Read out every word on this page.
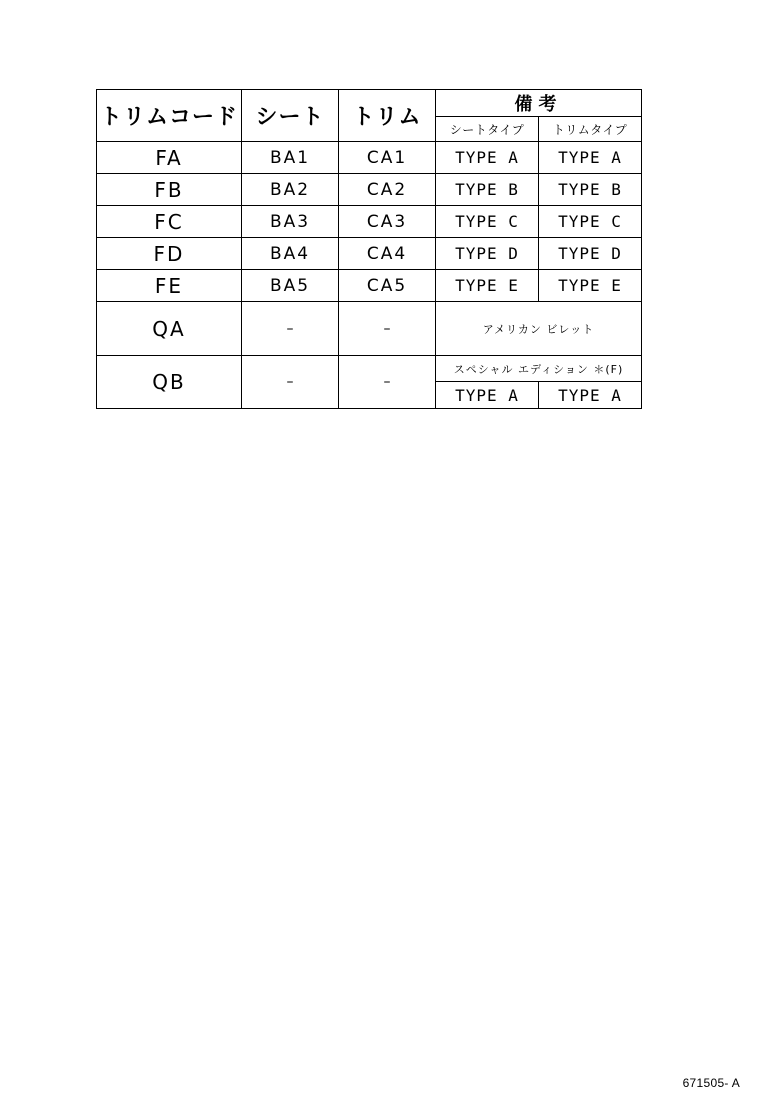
トリムコード	シート	トリム	備考	
			シートタイプ	トリムタイプ
FA	BA1	CA1	TYPE A	TYPE A
FB	BA2	CA2	TYPE B	TYPE B
FC	BA3	CA3	TYPE C	TYPE C
FD	BA4	CA4	TYPE D	TYPE D
FE	BA5	CA5	TYPE E	TYPE E
QA	–	–	アメリカン ビレット	
QB	–	–	スペシャル エディション ＊(F)	
			TYPE A	TYPE A
671505- A
